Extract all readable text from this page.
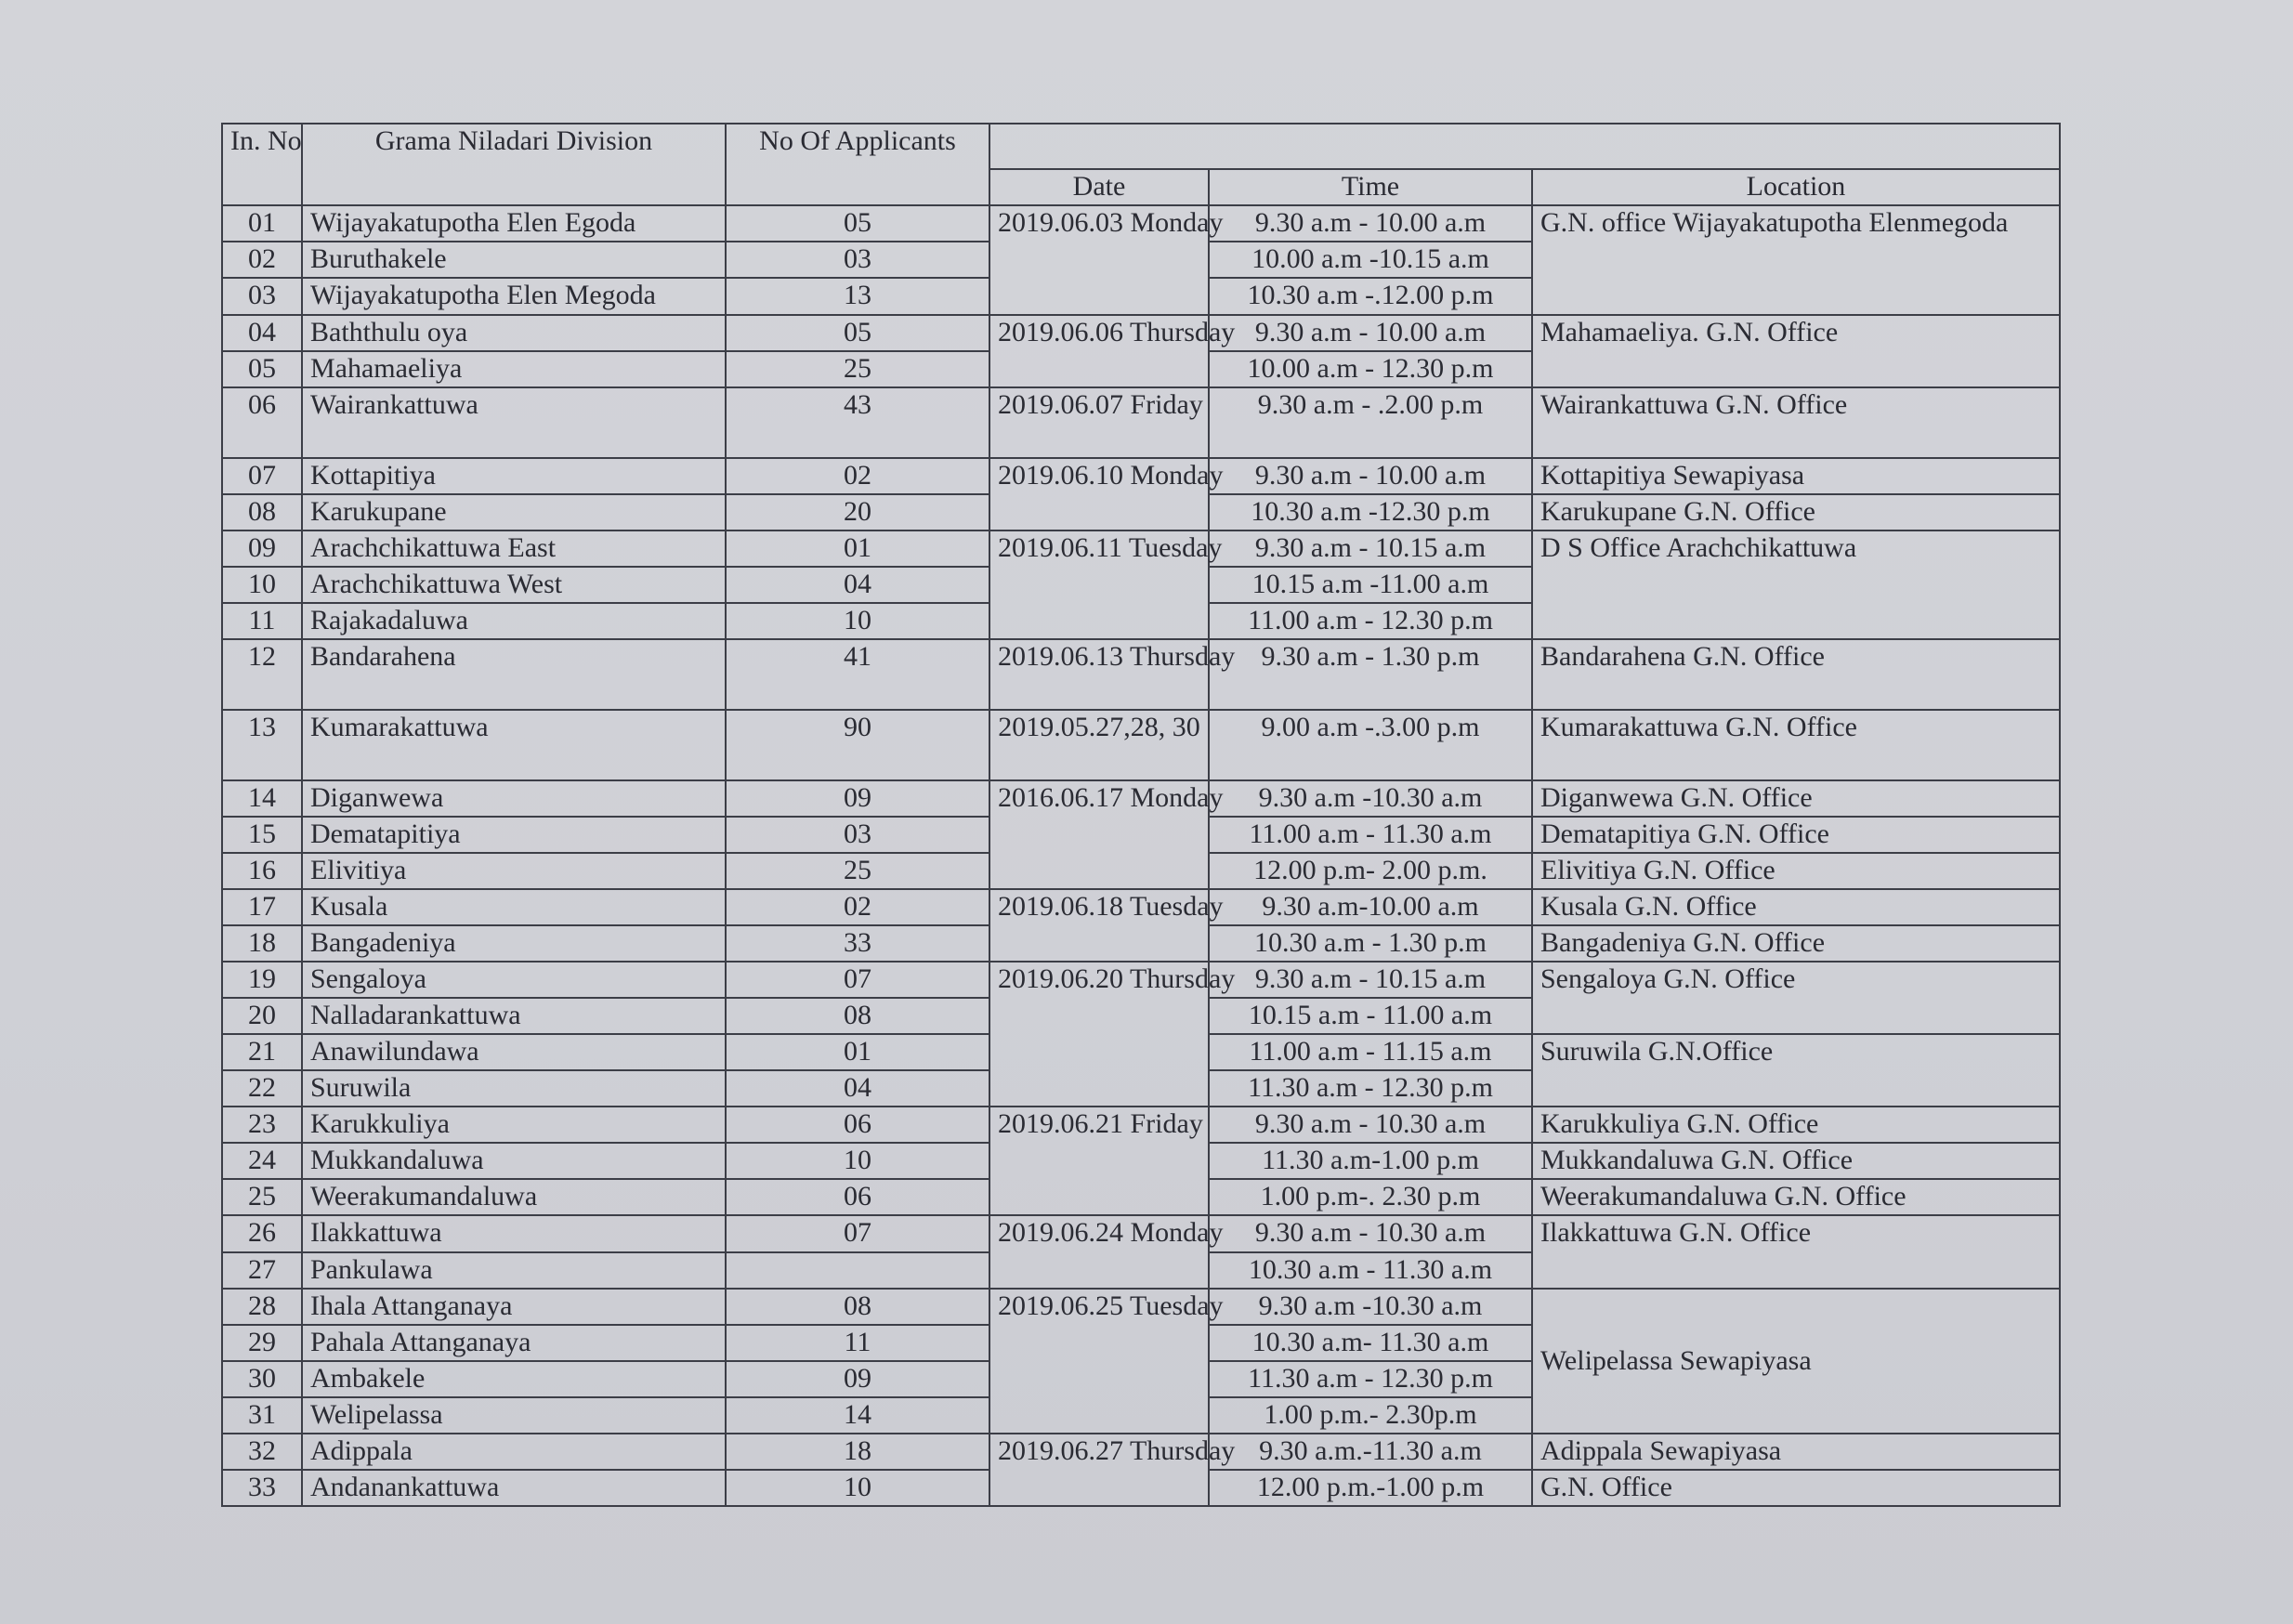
In. No	Grama Niladari Division	No Of Applicants			
			Date	Time	Location
01	Wijayakatupotha Elen Egoda	05	2019.06.03 Monday	9.30 a.m - 10.00 a.m	G.N. office Wijayakatupotha Elenmegoda
02	Buruthakele	03		10.00 a.m -10.15 a.m	
03	Wijayakatupotha Elen Megoda	13		10.30 a.m -.12.00 p.m	
04	Baththulu oya	05	2019.06.06 Thursday	9.30 a.m - 10.00 a.m	Mahamaeliya. G.N. Office
05	Mahamaeliya	25		10.00 a.m - 12.30 p.m	
06	Wairankattuwa	43	2019.06.07 Friday	9.30 a.m - .2.00 p.m	Wairankattuwa G.N. Office
07	Kottapitiya	02	2019.06.10 Monday	9.30 a.m - 10.00 a.m	Kottapitiya Sewapiyasa
08	Karukupane	20		10.30 a.m -12.30 p.m	Karukupane G.N. Office
09	Arachchikattuwa East	01	2019.06.11 Tuesday	9.30 a.m - 10.15 a.m	D S Office Arachchikattuwa
10	Arachchikattuwa West	04		10.15 a.m -11.00 a.m	
11	Rajakadaluwa	10		11.00 a.m - 12.30 p.m	
12	Bandarahena	41	2019.06.13 Thursday	9.30 a.m - 1.30 p.m	Bandarahena G.N. Office
13	Kumarakattuwa	90	2019.05.27,28, 30	9.00 a.m -.3.00 p.m	Kumarakattuwa G.N. Office
14	Diganwewa	09	2016.06.17 Monday	9.30 a.m -10.30 a.m	Diganwewa G.N. Office
15	Dematapitiya	03		11.00 a.m - 11.30 a.m	Dematapitiya G.N. Office
16	Elivitiya	25		12.00 p.m- 2.00 p.m.	Elivitiya G.N. Office
17	Kusala	02	2019.06.18 Tuesday	9.30 a.m-10.00 a.m	Kusala G.N. Office
18	Bangadeniya	33		10.30 a.m - 1.30 p.m	Bangadeniya G.N. Office
19	Sengaloya	07	2019.06.20 Thursday	9.30 a.m - 10.15 a.m	Sengaloya G.N. Office
20	Nalladarankattuwa	08		10.15 a.m - 11.00 a.m	
21	Anawilundawa	01		11.00 a.m - 11.15 a.m	Suruwila G.N.Office
22	Suruwila	04		11.30 a.m - 12.30 p.m	
23	Karukkuliya	06	2019.06.21 Friday	9.30 a.m - 10.30 a.m	Karukkuliya G.N. Office
24	Mukkandaluwa	10		11.30 a.m-1.00 p.m	Mukkandaluwa G.N. Office
25	Weerakumandaluwa	06		1.00 p.m-. 2.30 p.m	Weerakumandaluwa G.N. Office
26	Ilakkattuwa	07	2019.06.24 Monday	9.30 a.m - 10.30 a.m	Ilakkattuwa G.N. Office
27	Pankulawa			10.30 a.m - 11.30 a.m	
28	Ihala Attanganaya	08	2019.06.25 Tuesday	9.30 a.m -10.30 a.m	Welipelassa Sewapiyasa
29	Pahala Attanganaya	11		10.30 a.m- 11.30 a.m	
30	Ambakele	09		11.30 a.m - 12.30 p.m	
31	Welipelassa	14		1.00 p.m.- 2.30p.m	
32	Adippala	18	2019.06.27 Thursday	9.30 a.m.-11.30 a.m	Adippala Sewapiyasa
33	Andanankattuwa	10		12.00 p.m.-1.00 p.m	G.N. Office
